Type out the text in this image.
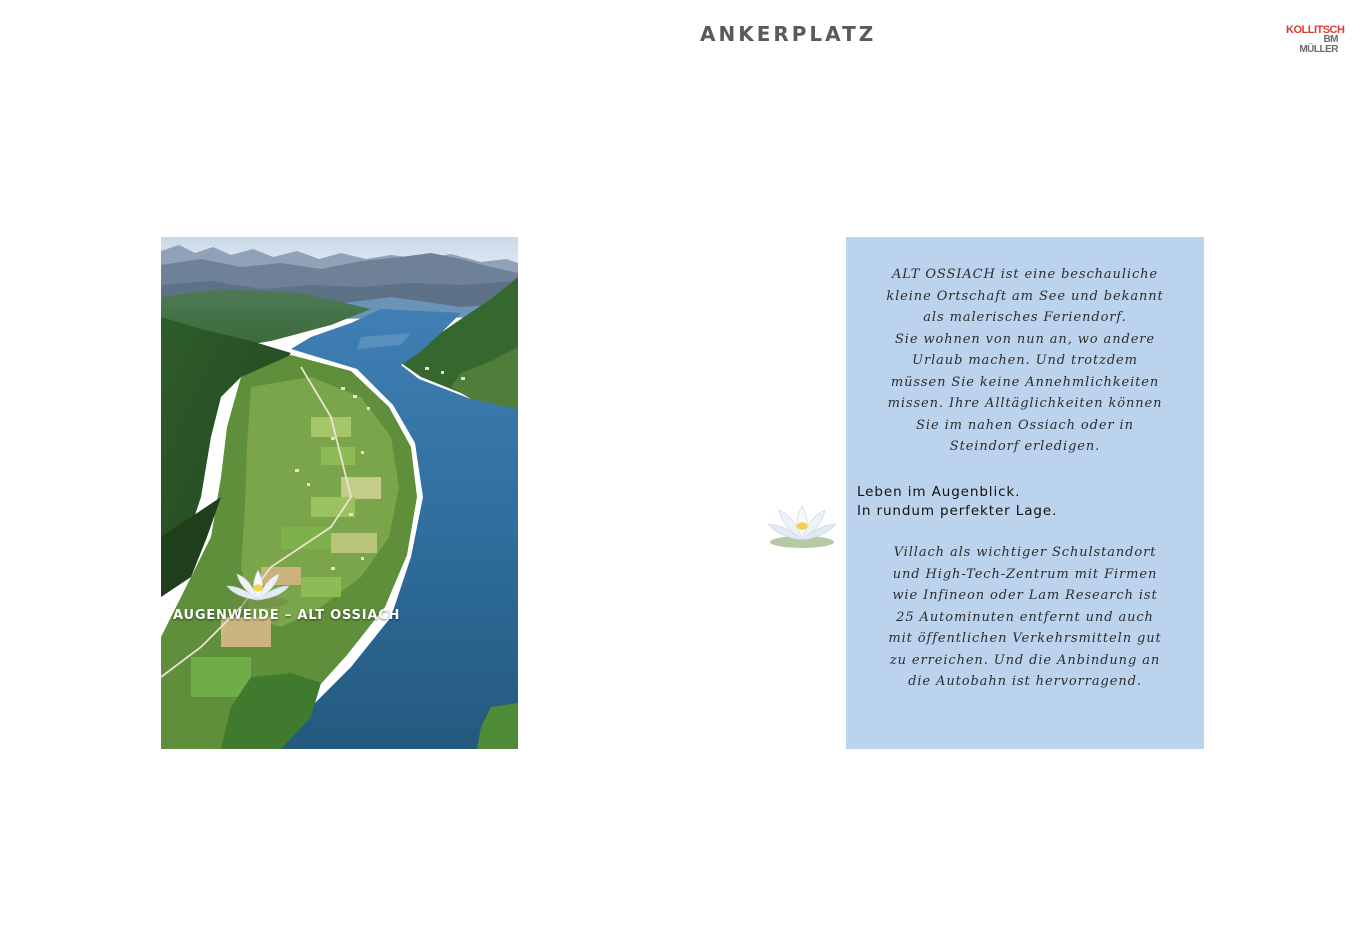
ANKERPLATZ	KOLLITSCH
BM MÜLLER
AUGENWEIDE – ALT OSSIACH
ALT OSSIACH ist eine beschauliche
kleine Ortschaft am See und bekannt
als malerisches Feriendorf.
Sie wohnen von nun an, wo andere
Urlaub machen. Und trotzdem
müssen Sie keine Annehmlichkeiten
missen. Ihre Alltäglichkeiten können
Sie im nahen Ossiach oder in
Steindorf erledigen.
Leben im Augenblick.
In rundum perfekter Lage.
Villach als wichtiger Schulstandort
und High-Tech-Zentrum mit Firmen
wie Infineon oder Lam Research ist
25 Autominuten entfernt und auch
mit öffentlichen Verkehrsmitteln gut
zu erreichen. Und die Anbindung an
die Autobahn ist hervorragend.
